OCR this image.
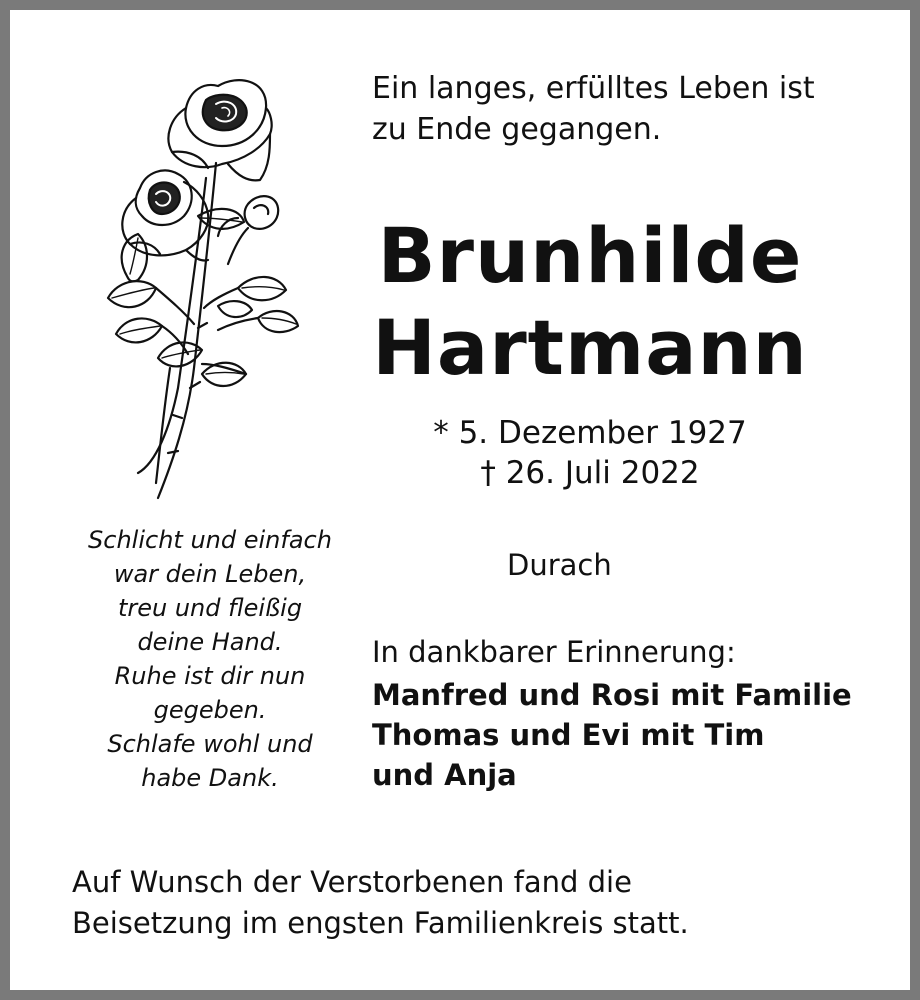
Ein langes, erfülltes Leben ist
zu Ende gegangen.
Brunhilde
Hartmann
* 5. Dezember 1927
† 26. Juli 2022
Schlicht und einfach
war dein Leben,
treu und fleißig
deine Hand.
Ruhe ist dir nun
gegeben.
Schlafe wohl und
habe Dank.
Durach
In dankbarer Erinnerung:
Manfred und Rosi mit Familie
Thomas und Evi mit Tim
und Anja
Auf Wunsch der Verstorbenen fand die
Beisetzung im engsten Familienkreis statt.
